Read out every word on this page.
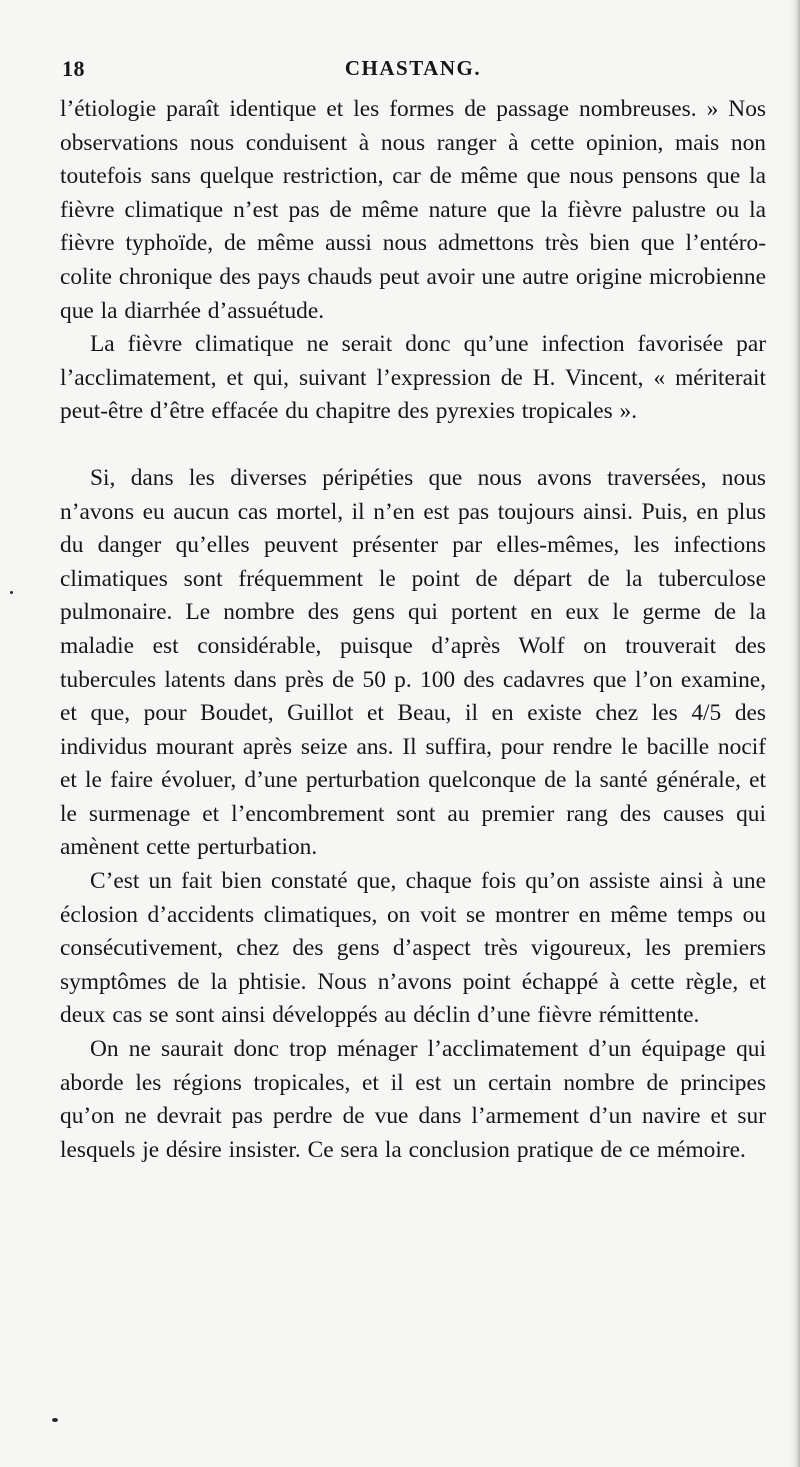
18	CHASTANG.

l’étiologie paraît identique et les formes de passage nombreuses. » Nos observations nous conduisent à nous ranger à cette opinion, mais non toutefois sans quelque restriction, car de même que nous pensons que la fièvre climatique n’est pas de même nature que la fièvre palustre ou la fièvre typhoïde, de même aussi nous admettons très bien que l’entéro-colite chronique des pays chauds peut avoir une autre origine microbienne que la diarrhée d’assuétude.

La fièvre climatique ne serait donc qu’une infection favorisée par l’acclimatement, et qui, suivant l’expression de H. Vincent, « mériterait peut-être d’être effacée du chapitre des pyrexies tropicales ».

Si, dans les diverses péripéties que nous avons traversées, nous n’avons eu aucun cas mortel, il n’en est pas toujours ainsi. Puis, en plus du danger qu’elles peuvent présenter par elles-mêmes, les infections climatiques sont fréquemment le point de départ de la tuberculose pulmonaire. Le nombre des gens qui portent en eux le germe de la maladie est considérable, puisque d’après Wolf on trouverait des tubercules latents dans près de 50 p. 100 des cadavres que l’on examine, et que, pour Boudet, Guillot et Beau, il en existe chez les 4/5 des individus mourant après seize ans. Il suffira, pour rendre le bacille nocif et le faire évoluer, d’une perturbation quelconque de la santé générale, et le surmenage et l’encombrement sont au premier rang des causes qui amènent cette perturbation.

C’est un fait bien constaté que, chaque fois qu’on assiste ainsi à une éclosion d’accidents climatiques, on voit se montrer en même temps ou consécutivement, chez des gens d’aspect très vigoureux, les premiers symptômes de la phtisie. Nous n’avons point échappé à cette règle, et deux cas se sont ainsi développés au déclin d’une fièvre rémittente.

On ne saurait donc trop ménager l’acclimatement d’un équipage qui aborde les régions tropicales, et il est un certain nombre de principes qu’on ne devrait pas perdre de vue dans l’armement d’un navire et sur lesquels je désire insister. Ce sera la conclusion pratique de ce mémoire.
